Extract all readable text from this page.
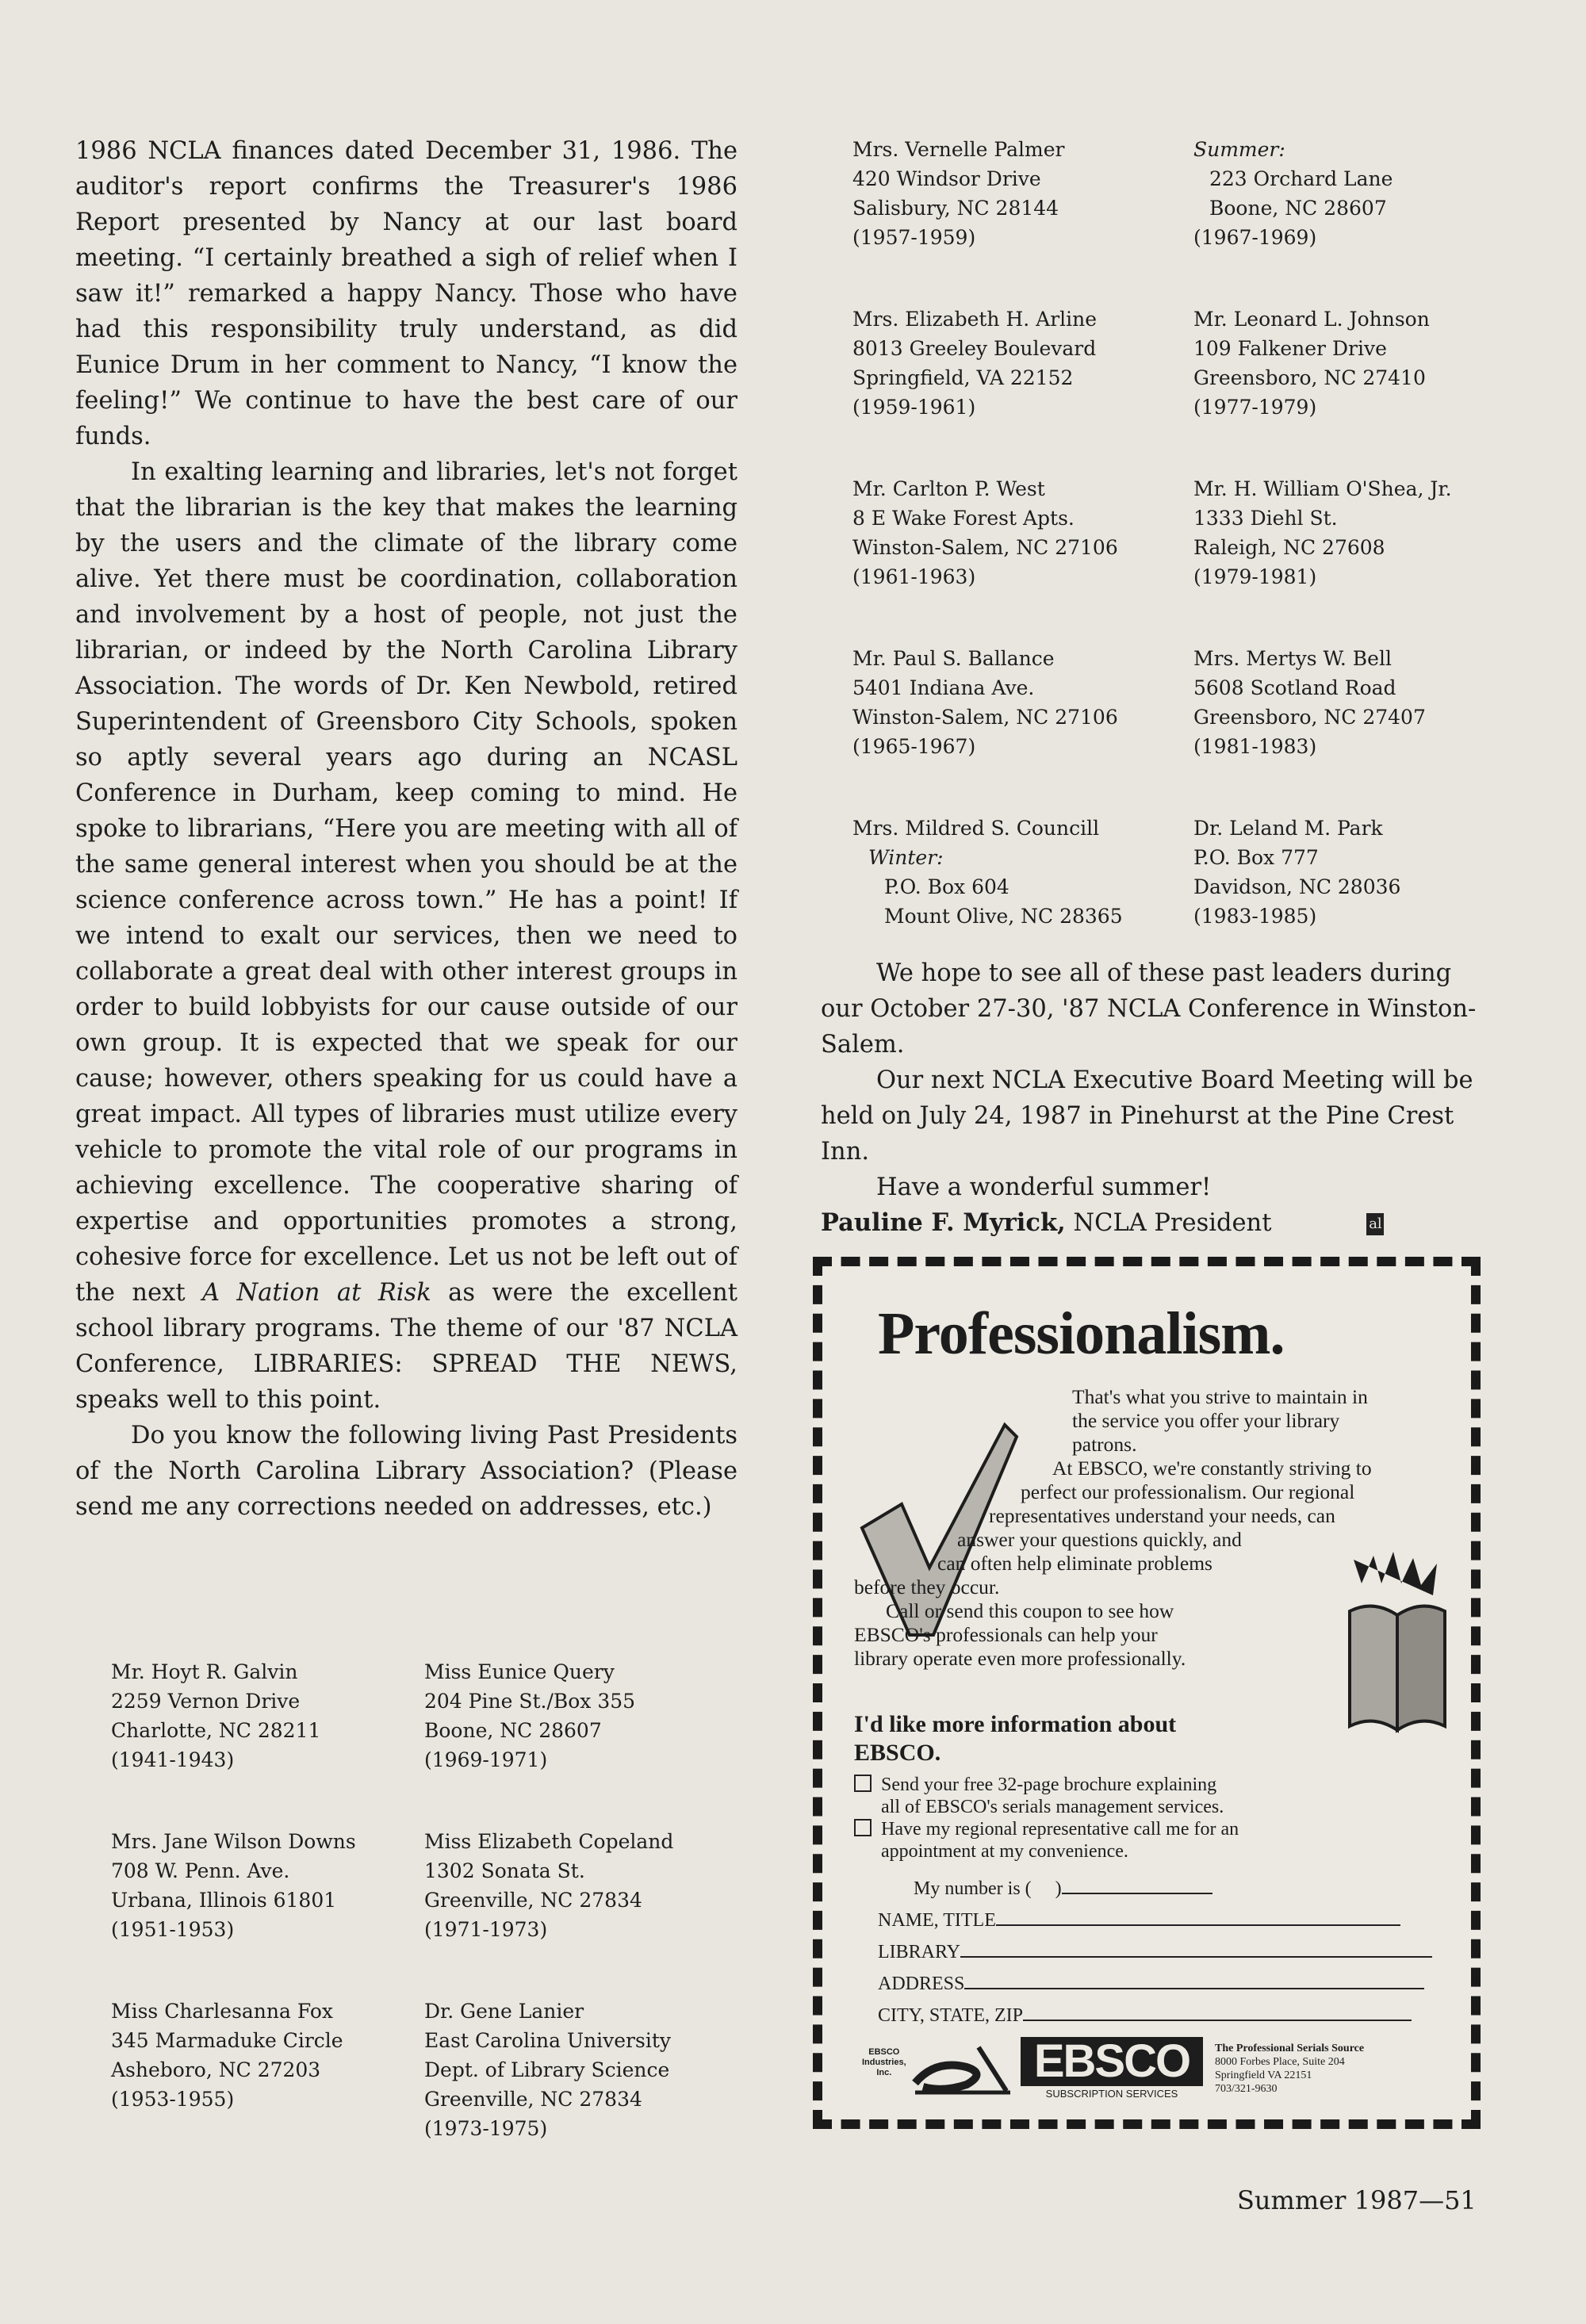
1986 NCLA finances dated December 31, 1986. The auditor's report confirms the Treasurer's 1986 Report presented by Nancy at our last board meeting. “I certainly breathed a sigh of relief when I saw it!” remarked a happy Nancy. Those who have had this responsibility truly understand, as did Eunice Drum in her comment to Nancy, “I know the feeling!” We continue to have the best care of our funds.

In exalting learning and libraries, let's not forget that the librarian is the key that makes the learning by the users and the climate of the library come alive. Yet there must be coordination, collaboration and involvement by a host of people, not just the librarian, or indeed by the North Carolina Library Association. The words of Dr. Ken Newbold, retired Superintendent of Greensboro City Schools, spoken so aptly several years ago during an NCASL Conference in Durham, keep coming to mind. He spoke to librarians, “Here you are meeting with all of the same general interest when you should be at the science conference across town.” He has a point! If we intend to exalt our services, then we need to collaborate a great deal with other interest groups in order to build lobbyists for our cause outside of our own group. It is expected that we speak for our cause; however, others speaking for us could have a great impact. All types of libraries must utilize every vehicle to promote the vital role of our programs in achieving excellence. The cooperative sharing of expertise and opportunities promotes a strong, cohesive force for excellence. Let us not be left out of the next A Nation at Risk as were the excellent school library programs. The theme of our '87 NCLA Conference, LIBRARIES: SPREAD THE NEWS, speaks well to this point.

Do you know the following living Past Presidents of the North Carolina Library Association? (Please send me any corrections needed on addresses, etc.)

Mr. Hoyt R. Galvin
2259 Vernon Drive
Charlotte, NC 28211
(1941-1943)
Miss Eunice Query
204 Pine St./Box 355
Boone, NC 28607
(1969-1971)
Mrs. Jane Wilson Downs
708 W. Penn. Ave.
Urbana, Illinois 61801
(1951-1953)
Miss Elizabeth Copeland
1302 Sonata St.
Greenville, NC 27834
(1971-1973)
Miss Charlesanna Fox
345 Marmaduke Circle
Asheboro, NC 27203
(1953-1955)
Dr. Gene Lanier
East Carolina University
Dept. of Library Science
Greenville, NC 27834
(1973-1975)
Mrs. Vernelle Palmer
420 Windsor Drive
Salisbury, NC 28144
(1957-1959)
Summer:
223 Orchard Lane
Boone, NC 28607
(1967-1969)
Mrs. Elizabeth H. Arline
8013 Greeley Boulevard
Springfield, VA 22152
(1959-1961)
Mr. Leonard L. Johnson
109 Falkener Drive
Greensboro, NC 27410
(1977-1979)
Mr. Carlton P. West
8 E Wake Forest Apts.
Winston-Salem, NC 27106
(1961-1963)
Mr. H. William O'Shea, Jr.
1333 Diehl St.
Raleigh, NC 27608
(1979-1981)
Mr. Paul S. Ballance
5401 Indiana Ave.
Winston-Salem, NC 27106
(1965-1967)
Mrs. Mertys W. Bell
5608 Scotland Road
Greensboro, NC 27407
(1981-1983)
Mrs. Mildred S. Councill
Winter:
P.O. Box 604
Mount Olive, NC 28365
Dr. Leland M. Park
P.O. Box 777
Davidson, NC 28036
(1983-1985)

We hope to see all of these past leaders during our October 27-30, '87 NCLA Conference in Winston-Salem.

Our next NCLA Executive Board Meeting will be held on July 24, 1987 in Pinehurst at the Pine Crest Inn.

Have a wonderful summer!

Pauline F. Myrick, NCLA President	al

Professionalism.
That's what you strive to maintain in
the service you offer your library
patrons.
At EBSCO, we're constantly striving to
perfect our professionalism. Our regional
representatives understand your needs, can
answer your questions quickly, and
can often help eliminate problems
before they occur.
Call or send this coupon to see how
EBSCO's professionals can help your
library operate even more professionally.
I'd like more information about
EBSCO.
Send your free 32-page brochure explaining
all of EBSCO's serials management services.
Have my regional representative call me for an
appointment at my convenience.
My number is ( )
NAME, TITLE
LIBRARY
ADDRESS
CITY, STATE, ZIP
EBSCO
Industries,
Inc.	EBSCO
SUBSCRIPTION SERVICES
The Professional Serials Source
8000 Forbes Place, Suite 204
Springfield VA 22151
703/321-9630
Summer 1987—51
